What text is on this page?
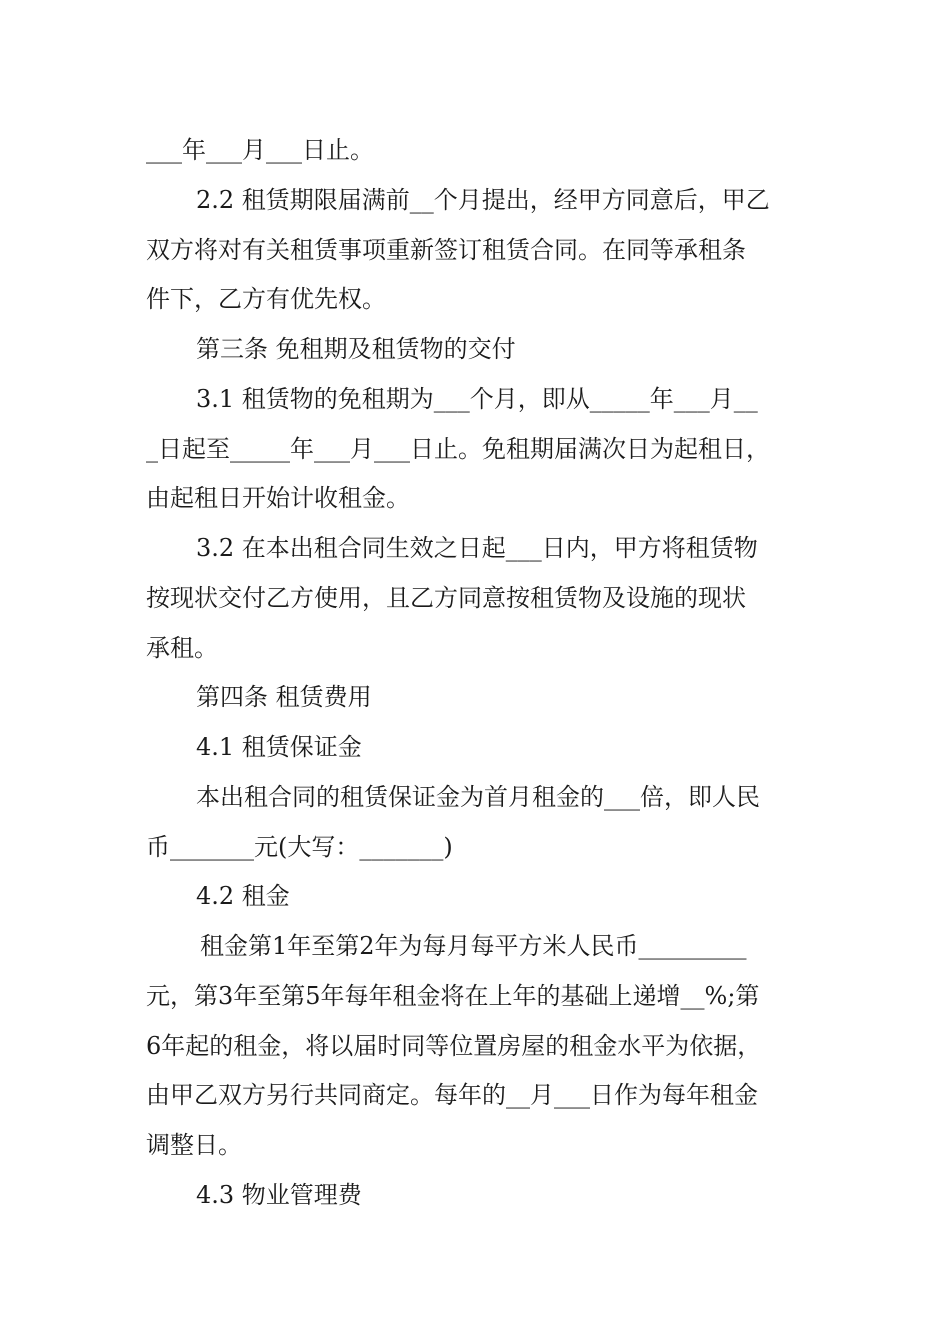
___年___月___日止。
2.2 租赁期限届满前__个月提出，经甲方同意后，甲乙
双方将对有关租赁事项重新签订租赁合同。在同等承租条
件下，乙方有优先权。
第三条 免租期及租赁物的交付
3.1 租赁物的免租期为___个月，即从_____年___月__
_日起至_____年___月___日止。免租期届满次日为起租日，
由起租日开始计收租金。
3.2 在本出租合同生效之日起___日内，甲方将租赁物
按现状交付乙方使用，且乙方同意按租赁物及设施的现状
承租。
第四条 租赁费用
4.1 租赁保证金
本出租合同的租赁保证金为首月租金的___倍，即人民
币_______元(大写：_______)
4.2 租金
租金第1年至第2年为每月每平方米人民币_________
元，第3年至第5年每年租金将在上年的基础上递增__%;第
6年起的租金，将以届时同等位置房屋的租金水平为依据，
由甲乙双方另行共同商定。每年的__月___日作为每年租金
调整日。
4.3 物业管理费
